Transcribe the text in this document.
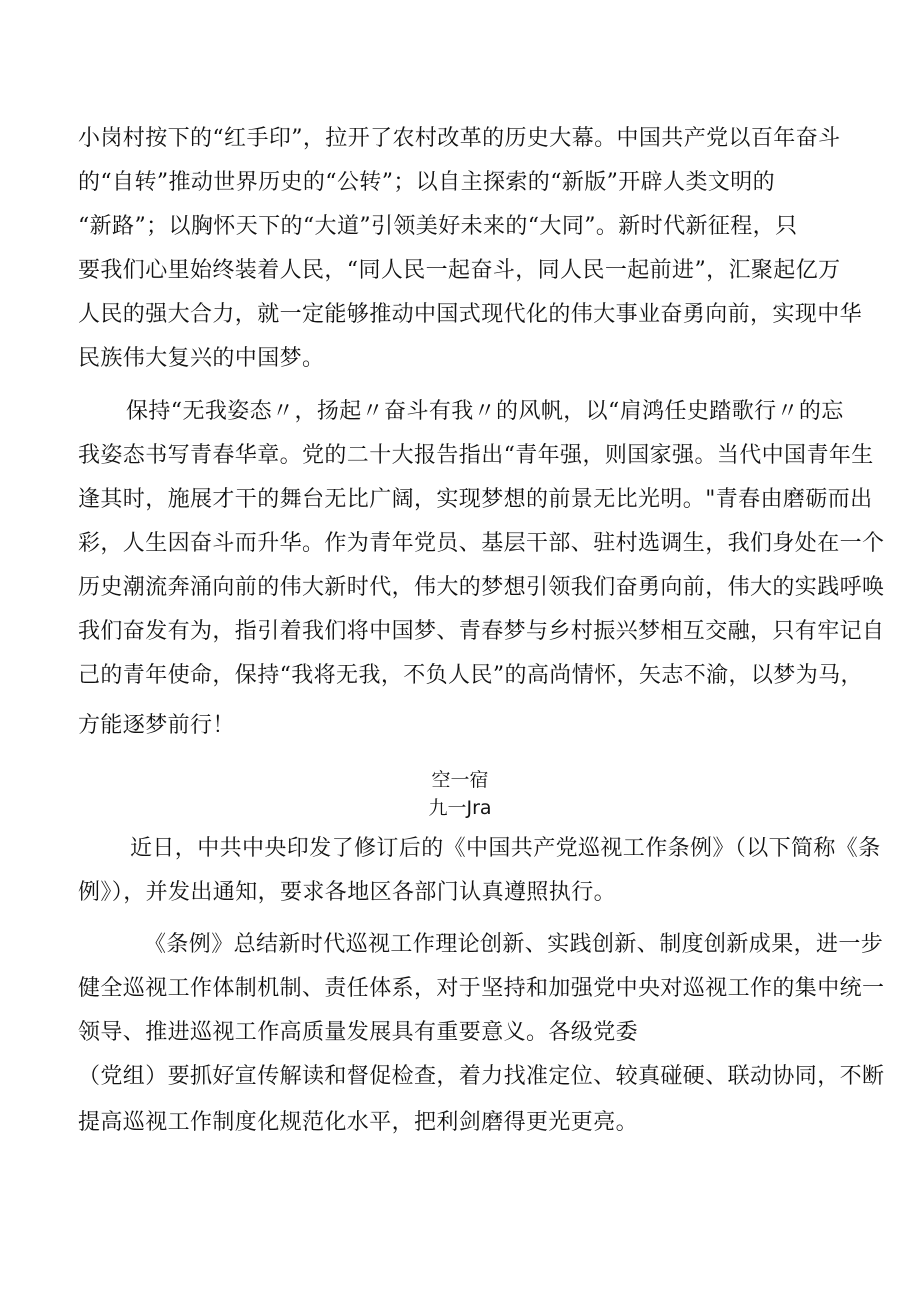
小岗村按下的“红手印”，拉开了农村改革的历史大幕。中国共产党以百年奋斗
的“自转”推动世界历史的“公转”；以自主探索的“新版”开辟人类文明的
“新路”；以胸怀天下的“大道”引领美好未来的“大同”。新时代新征程，只
要我们心里始终装着人民，“同人民一起奋斗，同人民一起前进”，汇聚起亿万
人民的强大合力，就一定能够推动中国式现代化的伟大事业奋勇向前，实现中华
民族伟大复兴的中国梦。
保持“无我姿态〃，扬起〃奋斗有我〃的风帆，以“肩鸿任史踏歌行〃的忘
我姿态书写青春华章。党的二十大报告指出“青年强，则国家强。当代中国青年生
逢其时，施展才干的舞台无比广阔，实现梦想的前景无比光明。"青春由磨砺而出
彩，人生因奋斗而升华。作为青年党员、基层干部、驻村选调生，我们身处在一个
历史潮流奔涌向前的伟大新时代，伟大的梦想引领我们奋勇向前，伟大的实践呼唤
我们奋发有为，指引着我们将中国梦、青春梦与乡村振兴梦相互交融，只有牢记自
己的青年使命，保持“我将无我，不负人民”的高尚情怀，矢志不渝，以梦为马，
方能逐梦前行！
空一宿
九一Jra
近日，中共中央印发了修订后的《中国共产党巡视工作条例》（以下简称《条
例》），并发出通知，要求各地区各部门认真遵照执行。
《条例》总结新时代巡视工作理论创新、实践创新、制度创新成果，进一步
健全巡视工作体制机制、责任体系，对于坚持和加强党中央对巡视工作的集中统一
领导、推进巡视工作高质量发展具有重要意义。各级党委
（党组）要抓好宣传解读和督促检查，着力找准定位、较真碰硬、联动协同，不断
提高巡视工作制度化规范化水平，把利剑磨得更光更亮。
